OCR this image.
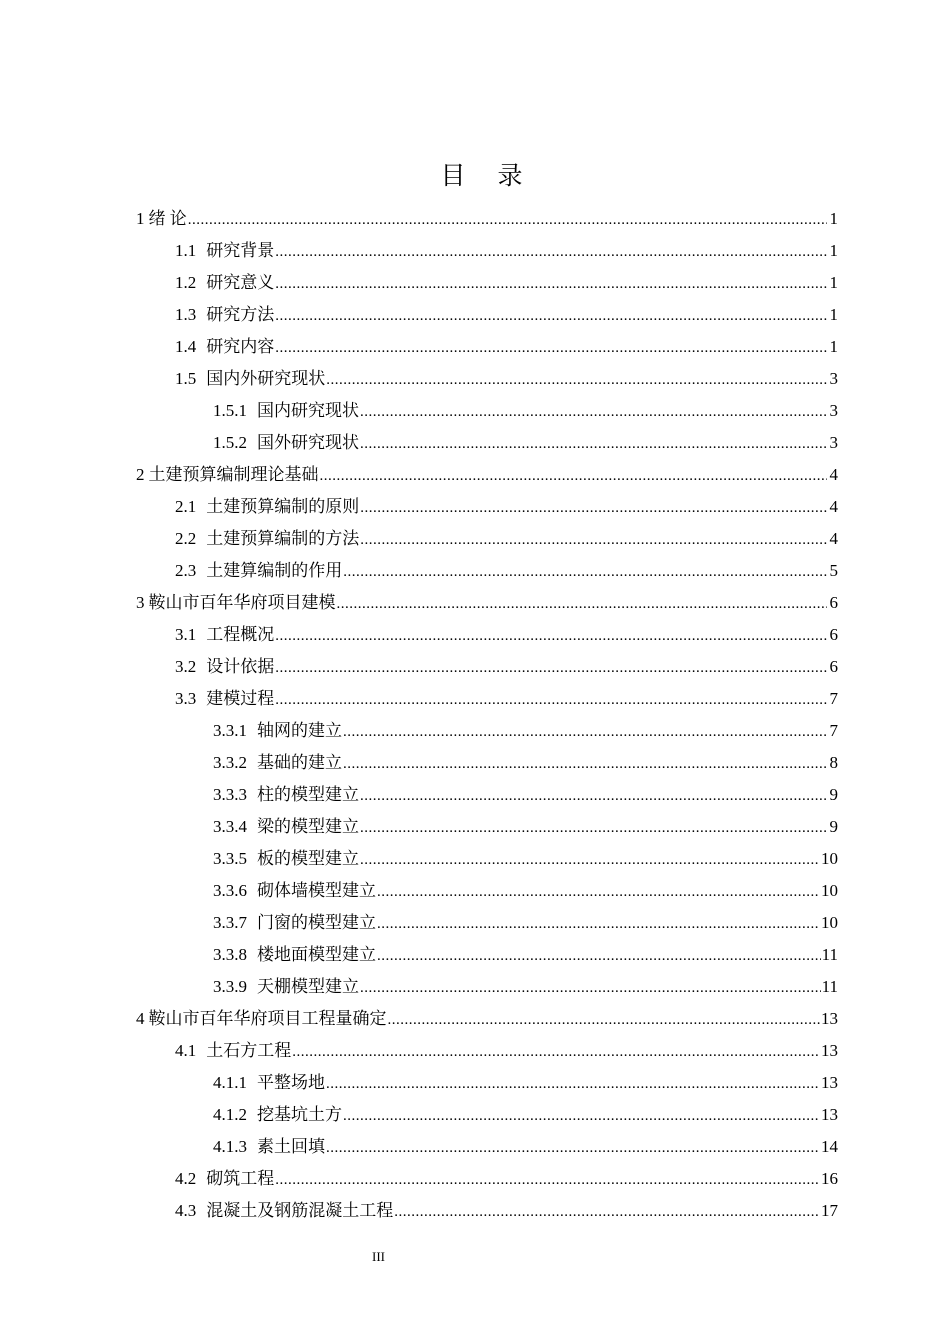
目 录
1 绪 论 .....	1
1.1 研究背景 .....	1
1.2 研究意义 .....	1
1.3 研究方法 .....	1
1.4 研究内容 .....	1
1.5 国内外研究现状 .....	3
1.5.1 国内研究现状 .....	3
1.5.2 国外研究现状 .....	3
2 土建预算编制理论基础 .....	4
2.1 土建预算编制的原则 .....	4
2.2 土建预算编制的方法 .....	4
2.3 土建算编制的作用 .....	5
3 鞍山市百年华府项目建模 .....	6
3.1 工程概况 .....	6
3.2 设计依据 .....	6
3.3 建模过程 .....	7
3.3.1 轴网的建立 .....	7
3.3.2 基础的建立 .....	8
3.3.3 柱的模型建立 .....	9
3.3.4 梁的模型建立 .....	9
3.3.5 板的模型建立 .....	10
3.3.6 砌体墙模型建立 .....	10
3.3.7 门窗的模型建立 .....	10
3.3.8 楼地面模型建立 .....	11
3.3.9 天棚模型建立 .....	11
4 鞍山市百年华府项目工程量确定 .....	13
4.1 土石方工程 .....	13
4.1.1 平整场地 .....	13
4.1.2 挖基坑土方 .....	13
4.1.3 素土回填 .....	14
4.2 砌筑工程 .....	16
4.3 混凝土及钢筋混凝土工程 .....	17
III
